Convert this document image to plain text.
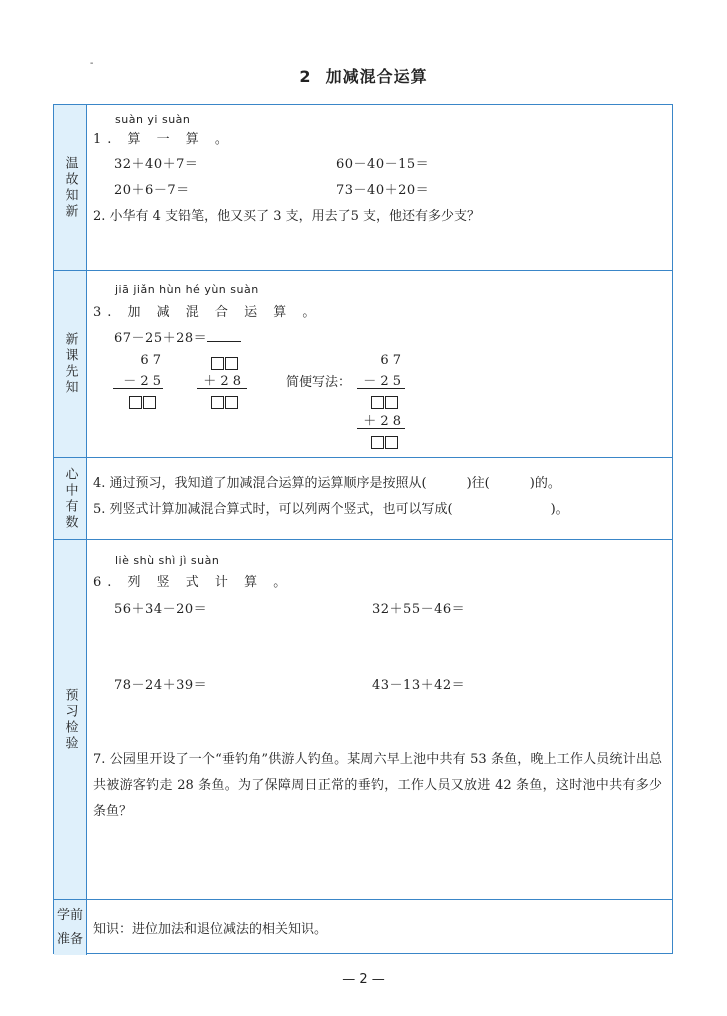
-
2 加减混合运算
温故知新
suàn yi suàn
1. 算 一 算 。
32＋40＋7＝	60－40－15＝
20＋6－7＝	73－40＋20＝
2. 小华有 4 支铅笔，他又买了 3 支，用去了5 支，他还有多少支？
新课先知
jiā jiǎn hùn hé yùn suàn
3. 加 减 混 合 运 算 。
67－25＋28＝
6 7
－ 2 5	＋ 2 8	简便写法：
6 7
－ 2 5
＋ 2 8
心中有数 4. 通过预习，我知道了加减混合运算的运算顺序是按照从(	)往(	)的。
5. 列竖式计算加减混合算式时，可以列两个竖式，也可以写成(	)。
预习检验
liè shù shì jì suàn
6. 列 竖 式 计 算 。
56＋34－20＝	32＋55－46＝
78－24＋39＝	43－13＋42＝
7. 公园里开设了一个“垂钓角”供游人钓鱼。某周六早上池中共有 53 条鱼，晚上工作人员统计出总共被游客钓走 28 条鱼。为了保障周日正常的垂钓，工作人员又放进 42 条鱼，这时池中共有多少条鱼？
学前准备
知识：进位加法和退位减法的相关知识。
— 2 —
